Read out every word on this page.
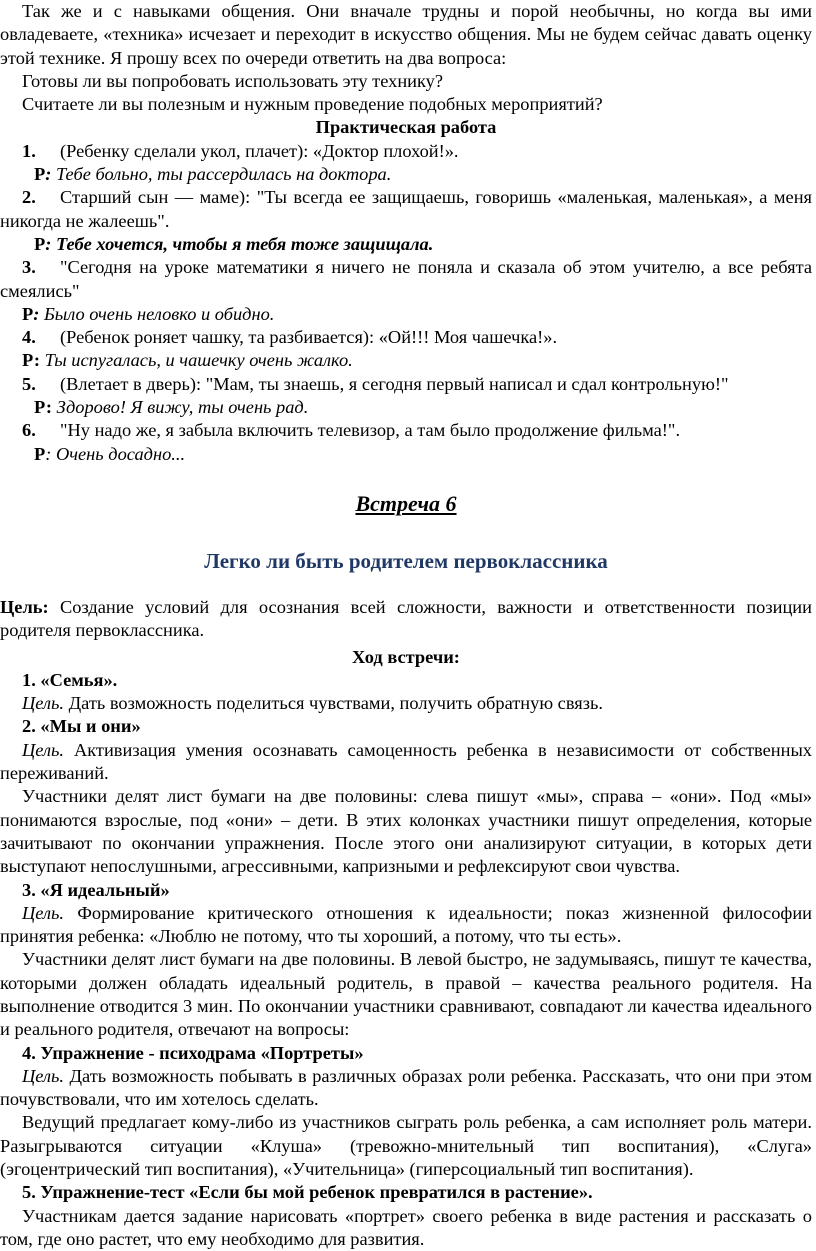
Так же и с навыками общения. Они вначале трудны и порой необычны, но когда вы ими овладеваете, «техника» исчезает и переходит в искусство общения. Мы не будем сейчас давать оценку этой технике. Я прошу всех по очереди ответить на два вопроса:

Готовы ли вы попробовать использовать эту технику?

Считаете ли вы полезным и нужным проведение подобных мероприятий?

Практическая работа

1. (Ребенку сделали укол, плачет): «Доктор плохой!».

Р: Тебе больно, ты рассердилась на доктора.

2. Старший сын — маме): "Ты всегда ее защищаешь, говоришь «маленькая, маленькая», а меня никогда не жалеешь".

Р: Тебе хочется, чтобы я тебя тоже защищала.

3. "Сегодня на уроке математики я ничего не поняла и сказала об этом учителю, а все ребята смеялись"

Р: Было очень неловко и обидно.

4. (Ребенок роняет чашку, та разбивается): «Ой!!! Моя чашечка!».

Р: Ты испугалась, и чашечку очень жалко.

5. (Влетает в дверь): "Мам, ты знаешь, я сегодня первый написал и сдал контрольную!"

Р: Здорово! Я вижу, ты очень рад.

6. "Ну надо же, я забыла включить телевизор, а там было продолжение фильма!".

Р: Очень досадно...

Встреча 6

Легко ли быть родителем первоклассника

Цель: Создание условий для осознания всей сложности, важности и ответственности позиции родителя первоклассника.

Ход встречи:

1. «Семья».

Цель. Дать возможность поделиться чувствами, получить обратную связь.

2. «Мы и они»

Цель. Активизация умения осознавать самоценность ребенка в независимости от собственных переживаний.

Участники делят лист бумаги на две половины: слева пишут «мы», справа – «они». Под «мы» понимаются взрослые, под «они» – дети. В этих колонках участники пишут определения, которые зачитывают по окончании упражнения. После этого они анализируют ситуации, в которых дети выступают непослушными, агрессивными, капризными и рефлексируют свои чувства.

3. «Я идеальный»

Цель. Формирование критического отношения к идеальности; показ жизненной философии принятия ребенка: «Люблю не потому, что ты хороший, а потому, что ты есть».

Участники делят лист бумаги на две половины. В левой быстро, не задумываясь, пишут те качества, которыми должен обладать идеальный родитель, в правой – качества реального родителя. На выполнение отводится 3 мин. По окончании участники сравнивают, совпадают ли качества идеального и реального родителя, отвечают на вопросы:

4. Упражнение - психодрама «Портреты»

Цель. Дать возможность побывать в различных образах роли ребенка. Рассказать, что они при этом почувствовали, что им хотелось сделать.

Ведущий предлагает кому-либо из участников сыграть роль ребенка, а сам исполняет роль матери. Разыгрываются ситуации «Клуша» (тревожно-мнительный тип воспитания), «Слуга» (эгоцентрический тип воспитания), «Учительница» (гиперсоциальный тип воспитания).

5. Упражнение-тест «Если бы мой ребенок превратился в растение».

Участникам дается задание нарисовать «портрет» своего ребенка в виде растения и рассказать о том, где оно растет, что ему необходимо для развития.
